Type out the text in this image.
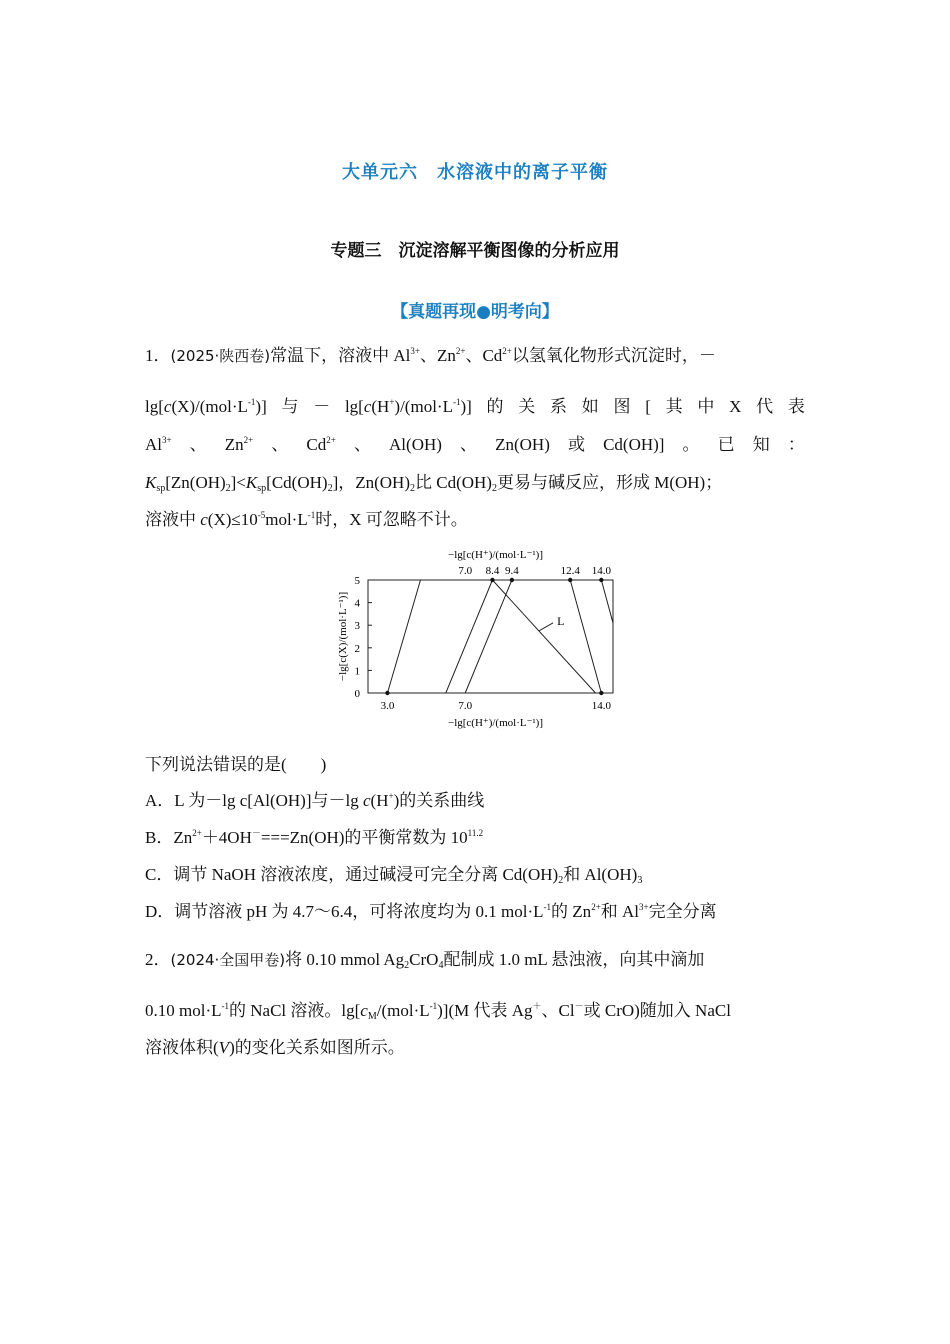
大单元六　水溶液中的离子平衡
专题三　沉淀溶解平衡图像的分析应用
【真题再现●明考向】
1．(2025·陕西卷)常温下，溶液中 $Al^{3+}$、$Zn^{2+}$、$Cd^{2+}$以氢氧化物形式沉淀时，－
$\lg[c(X)/(mol\cdot L^{-1})]$ 与 － $\lg[c(H^+)/(mol\cdot L^{-1})]$ 的 关 系 如 图 [ 其 中 X 代 表
$Al^{3+}$ 、 $Zn^{2+}$ 、 $Cd^{2+}$ 、 Al(OH) 、 Zn(OH) 或 Cd(OH)] 。 已 知 ：
$K_{sp}[Zn(OH)_2]<K_{sp}[Cd(OH)_2]$，$Zn(OH)_2$比 $Cd(OH)_2$更易与碱反应，形成 M(OH)；
溶液中 $c(X)\le 10^{-5}mol\cdot L^{-1}$时，X 可忽略不计。
0
1
2
3
4
5
3.0	7.0	14.0
7.0 8.4 9.4	12.4 14.0
−lg[c(H⁺)/(mol·L⁻¹)]
−lg[c(H⁺)/(mol·L⁻¹)]
−lg[c(X)/(mol·L⁻¹)]	L
下列说法错误的是(　　)
A．L 为－lg c[Al(OH)]与－lg c(H+)的关系曲线
B．$Zn^{2+}+4OH^-===Zn(OH)$的平衡常数为 $10^{11.2}$
C．调节 NaOH 溶液浓度，通过碱浸可完全分离 $Cd(OH)_2$和 $Al(OH)_3$
D．调节溶液 pH 为 4.7～6.4，可将浓度均为 0.1 $mol\cdot L^{-1}$的 $Zn^{2+}$和 $Al^{3+}$完全分离
2．(2024·全国甲卷)将 0.10 mmol $Ag_2CrO_4$配制成 1.0 mL 悬浊液，向其中滴加
0.10 $mol\cdot L^{-1}$的 NaCl 溶液。$\lg[c_M/(mol\cdot L^{-1})](M$ 代表 Ag＋、Cl－或 CrO)随加入 NaCl
溶液体积(V)的变化关系如图所示。
